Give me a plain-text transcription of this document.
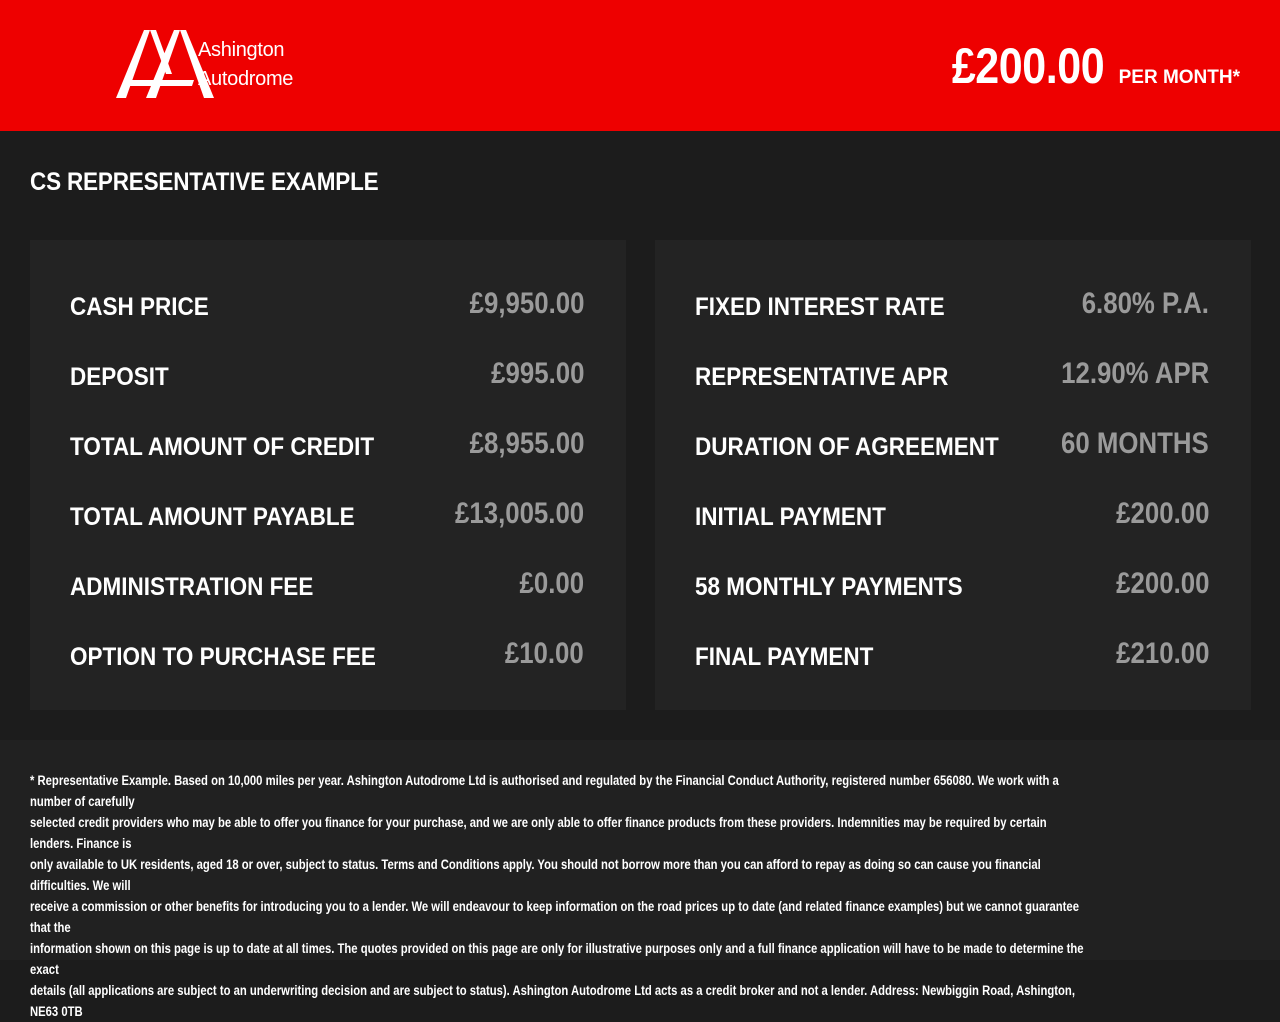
Ashington
Autodrome	£200.00 PER MONTH*
CS REPRESENTATIVE EXAMPLE
CASH PRICE	£9,950.00
DEPOSIT	£995.00
TOTAL AMOUNT OF CREDIT	£8,955.00
TOTAL AMOUNT PAYABLE	£13,005.00
ADMINISTRATION FEE	£0.00
OPTION TO PURCHASE FEE	£10.00
FIXED INTEREST RATE	6.80% P.A.
REPRESENTATIVE APR	12.90% APR
DURATION OF AGREEMENT 60 MONTHS
INITIAL PAYMENT	£200.00
58 MONTHLY PAYMENTS	£200.00
FINAL PAYMENT	£210.00
* Representative Example. Based on 10,000 miles per year. Ashington Autodrome Ltd is authorised and regulated by the Financial Conduct Authority, registered number 656080. We work with a number of carefully
selected credit providers who may be able to offer you finance for your purchase, and we are only able to offer finance products from these providers. Indemnities may be required by certain lenders. Finance is
only available to UK residents, aged 18 or over, subject to status. Terms and Conditions apply. You should not borrow more than you can afford to repay as doing so can cause you financial difficulties. We will
receive a commission or other benefits for introducing you to a lender. We will endeavour to keep information on the road prices up to date (and related finance examples) but we cannot guarantee that the
information shown on this page is up to date at all times. The quotes provided on this page are only for illustrative purposes only and a full finance application will have to be made to determine the exact
details (all applications are subject to an underwriting decision and are subject to status). Ashington Autodrome Ltd acts as a credit broker and not a lender. Address: Newbiggin Road, Ashington, NE63 0TB
